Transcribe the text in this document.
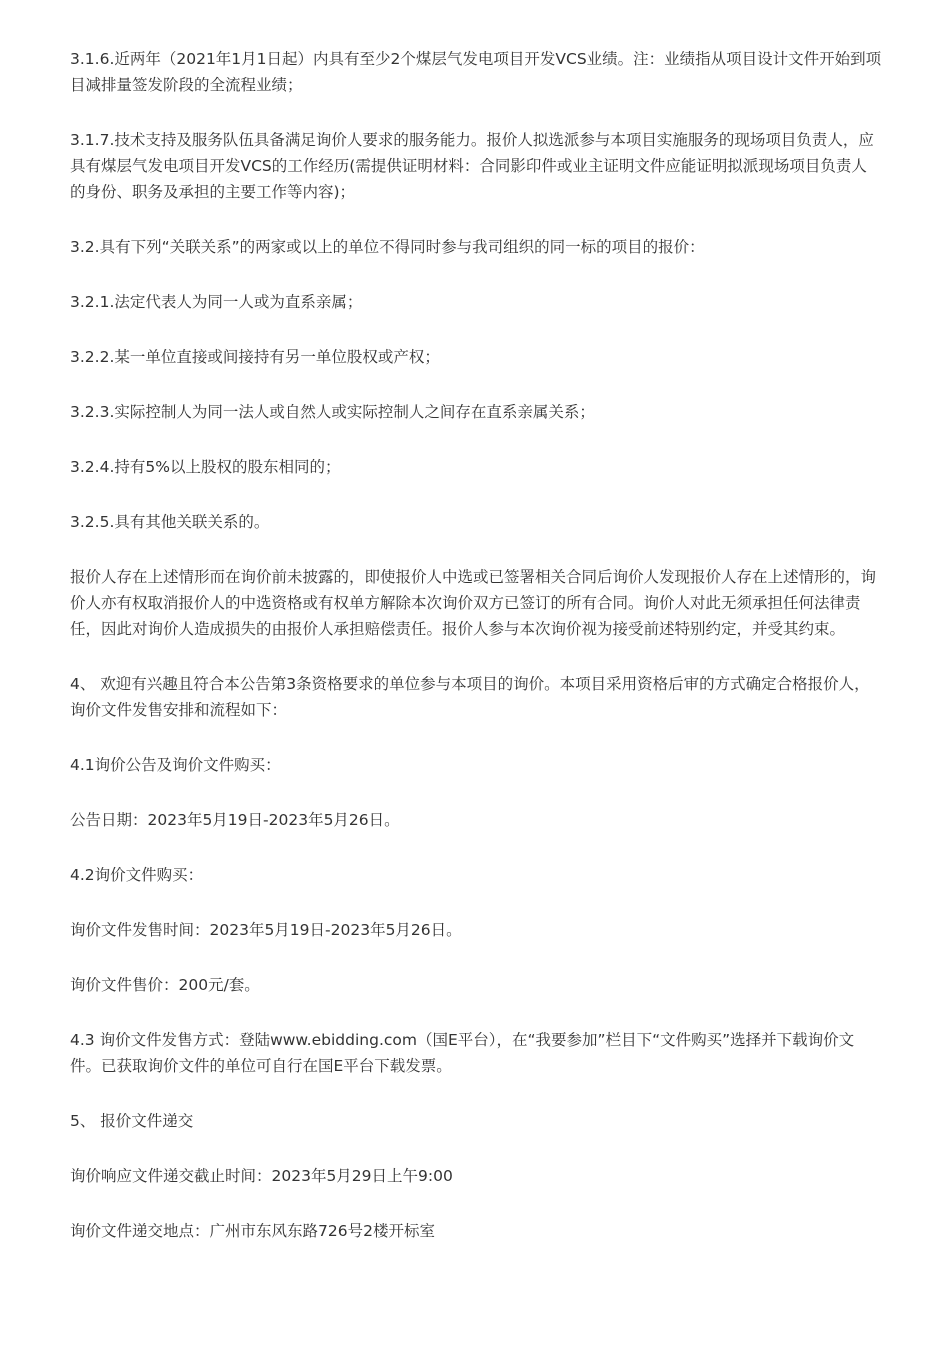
3.1.6.近两年（2021年1月1日起）内具有至少2个煤层气发电项目开发VCS业绩。注：业绩指从项目设计文件开始到项目减排量签发阶段的全流程业绩；

3.1.7.技术支持及服务队伍具备满足询价人要求的服务能力。报价人拟选派参与本项目实施服务的现场项目负责人，应具有煤层气发电项目开发VCS的工作经历(需提供证明材料：合同影印件或业主证明文件应能证明拟派现场项目负责人的身份、职务及承担的主要工作等内容)；

3.2.具有下列“关联关系”的两家或以上的单位不得同时参与我司组织的同一标的项目的报价：

3.2.1.法定代表人为同一人或为直系亲属；

3.2.2.某一单位直接或间接持有另一单位股权或产权；

3.2.3.实际控制人为同一法人或自然人或实际控制人之间存在直系亲属关系；

3.2.4.持有5%以上股权的股东相同的；

3.2.5.具有其他关联关系的。

报价人存在上述情形而在询价前未披露的，即使报价人中选或已签署相关合同后询价人发现报价人存在上述情形的，询价人亦有权取消报价人的中选资格或有权单方解除本次询价双方已签订的所有合同。询价人对此无须承担任何法律责任，因此对询价人造成损失的由报价人承担赔偿责任。报价人参与本次询价视为接受前述特别约定，并受其约束。

4、 欢迎有兴趣且符合本公告第3条资格要求的单位参与本项目的询价。本项目采用资格后审的方式确定合格报价人，询价文件发售安排和流程如下：

4.1询价公告及询价文件购买：

公告日期：2023年5月19日-2023年5月26日。

4.2询价文件购买：

询价文件发售时间：2023年5月19日-2023年5月26日。

询价文件售价：200元/套。

4.3 询价文件发售方式：登陆www.ebidding.com（国E平台），在“我要参加”栏目下“文件购买”选择并下载询价文件。已获取询价文件的单位可自行在国E平台下载发票。

5、 报价文件递交

询价响应文件递交截止时间：2023年5月29日上午9:00

询价文件递交地点：广州市东风东路726号2楼开标室
